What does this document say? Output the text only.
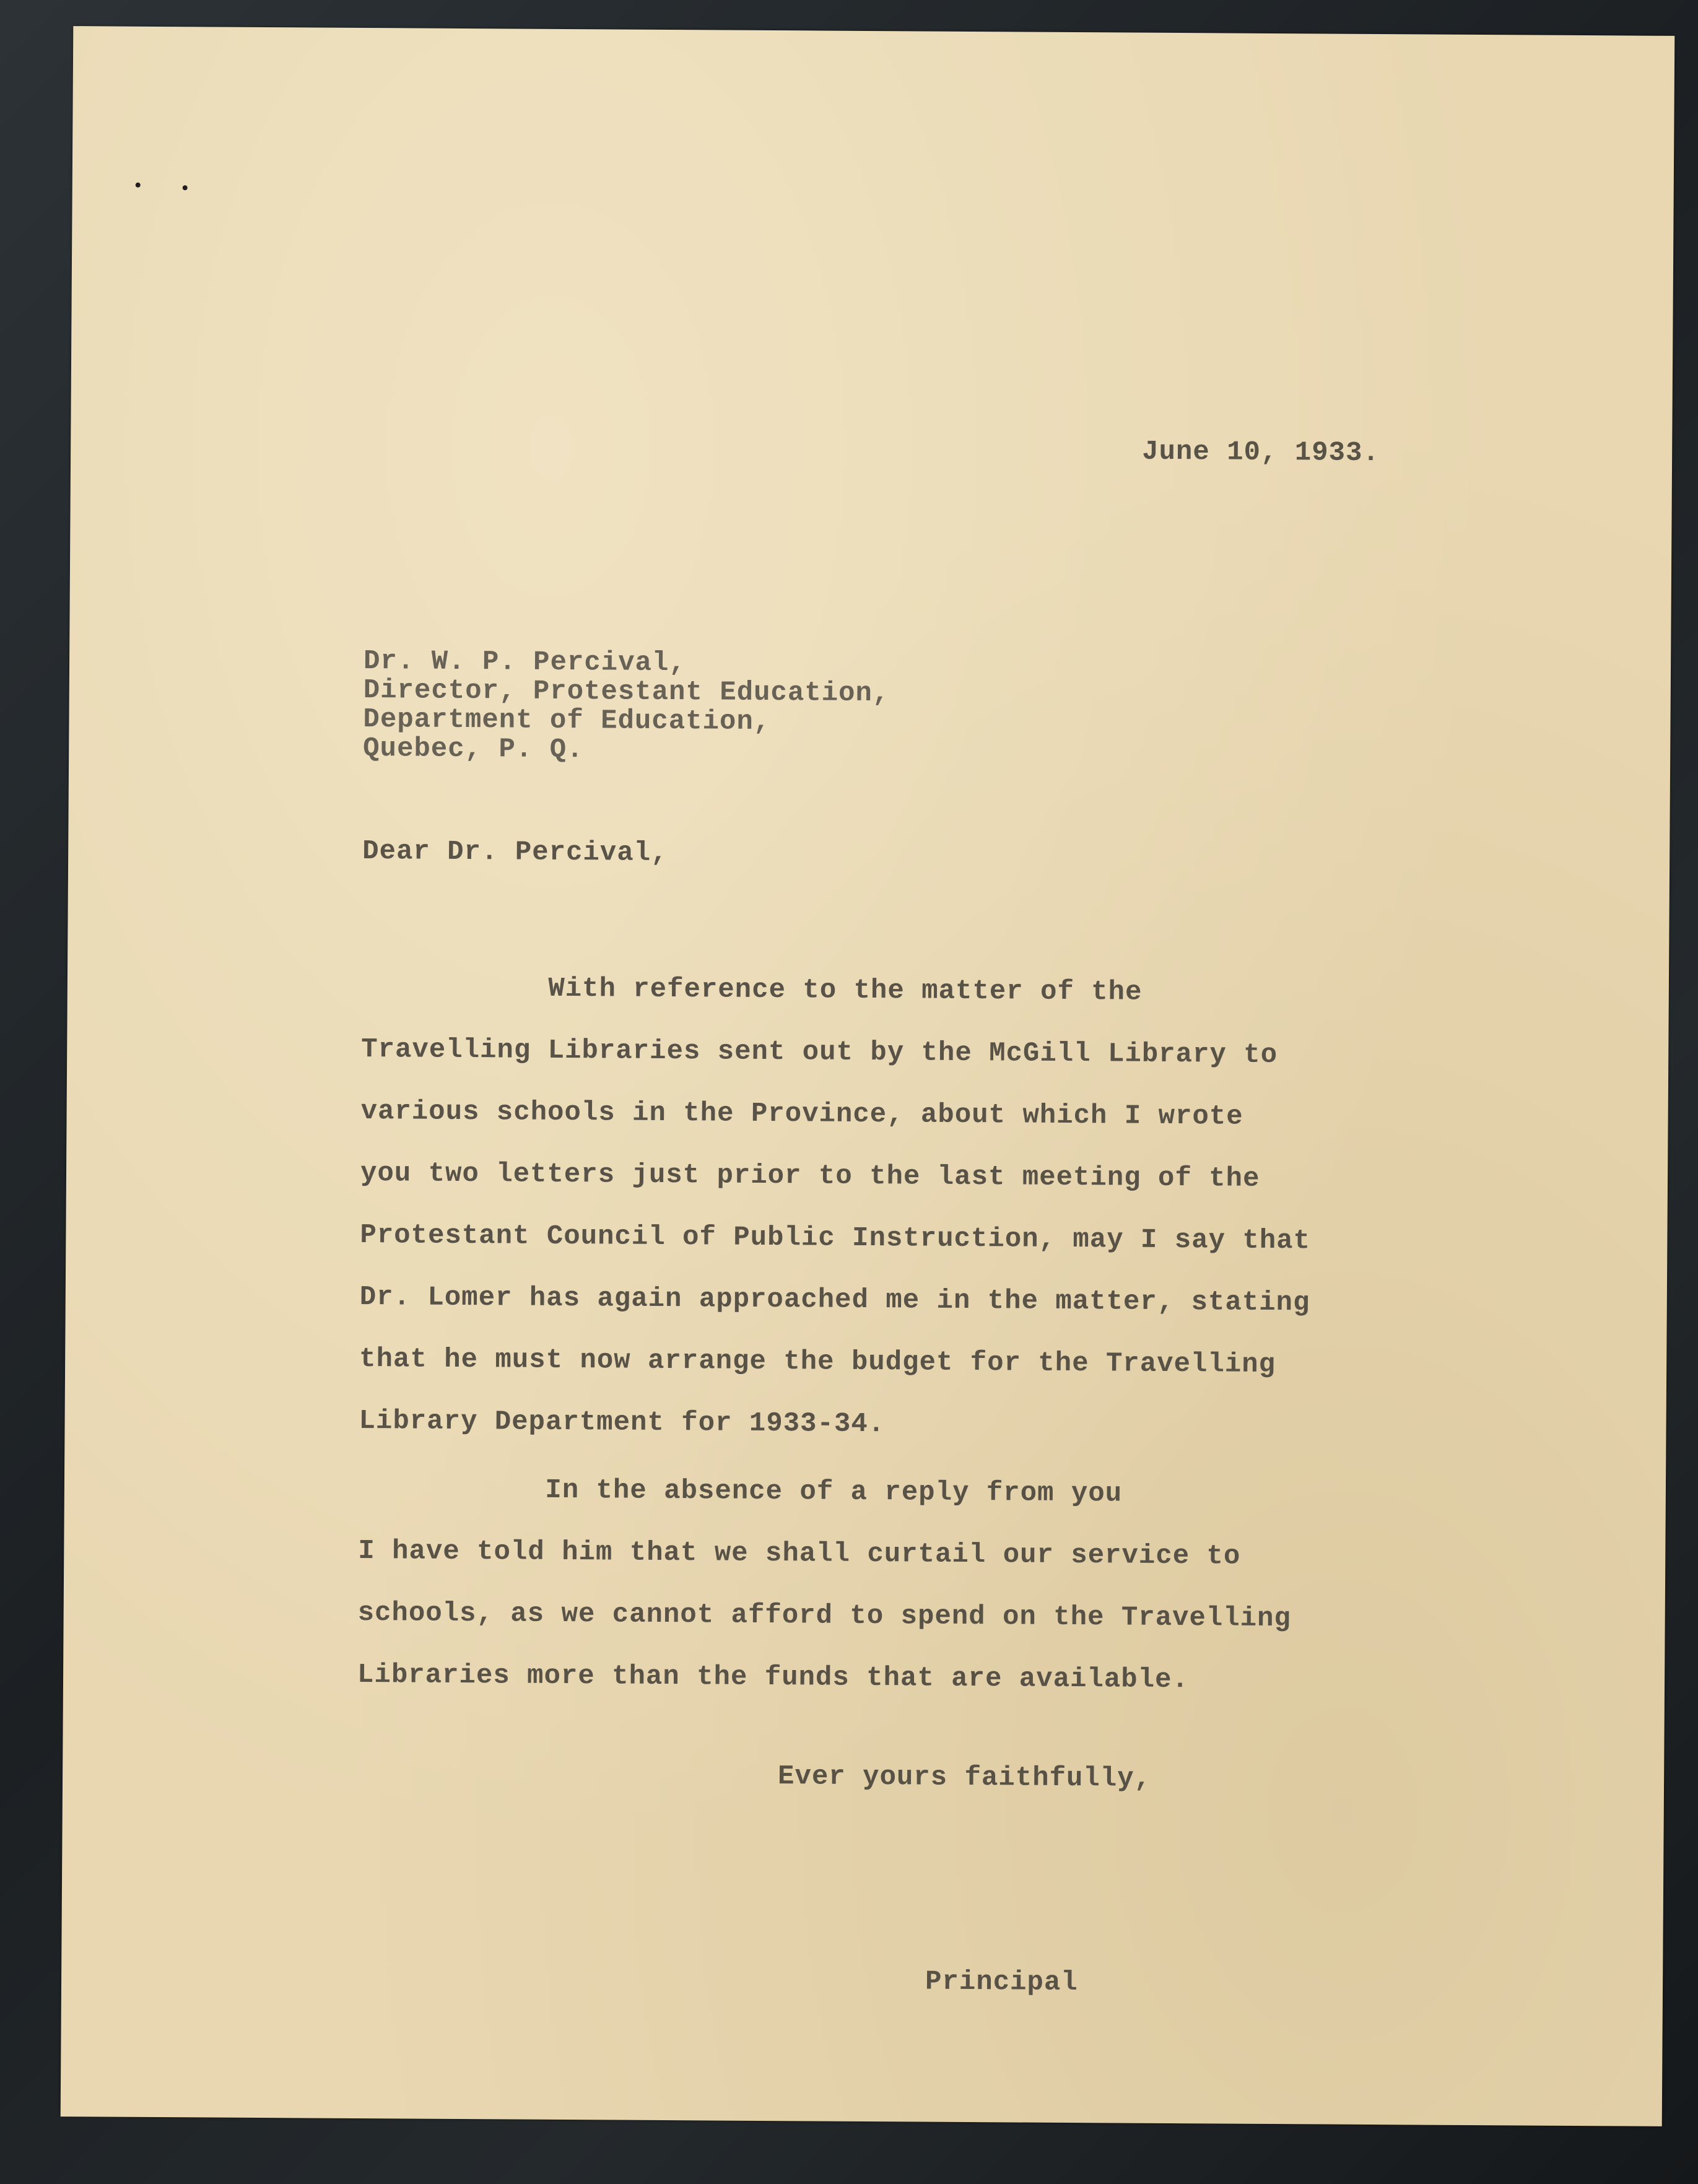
June 10, 1933.
Dr. W. P. Percival,
Director, Protestant Education,
Department of Education,
Quebec, P. Q.
Dear Dr. Percival,
With reference to the matter of the
Travelling Libraries sent out by the McGill Library to
various schools in the Province, about which I wrote
you two letters just prior to the last meeting of the
Protestant Council of Public Instruction, may I say that
Dr. Lomer has again approached me in the matter, stating
that he must now arrange the budget for the Travelling
Library Department for 1933-34.
In the absence of a reply from you
I have told him that we shall curtail our service to
schools, as we cannot afford to spend on the Travelling
Libraries more than the funds that are available.
Ever yours faithfully,
Principal
